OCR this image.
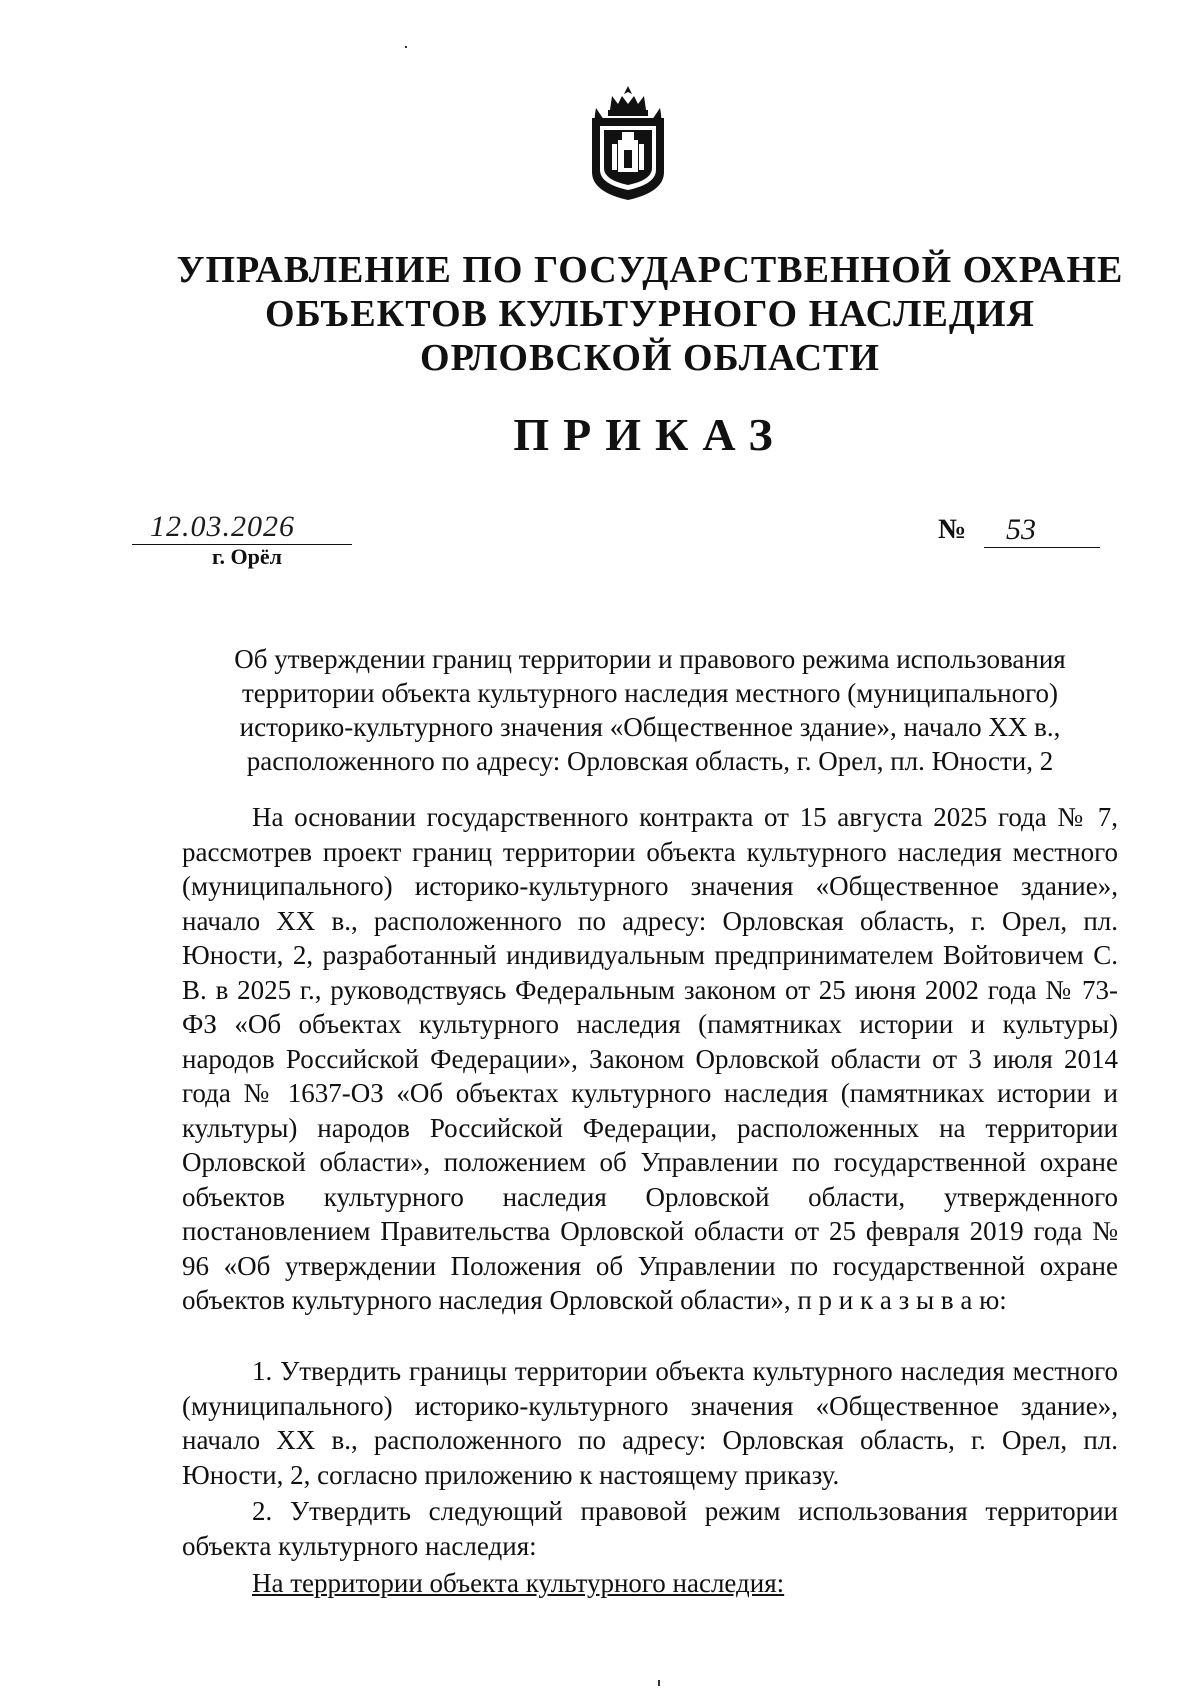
УПРАВЛЕНИЕ ПО ГОСУДАРСТВЕННОЙ ОХРАНЕ
ОБЪЕКТОВ КУЛЬТУРНОГО НАСЛЕДИЯ
ОРЛОВСКОЙ ОБЛАСТИ
ПРИКАЗ
12.03.2026
г. Орёл
№ 53
Об утверждении границ территории и правового режима использования
территории объекта культурного наследия местного (муниципального)
историко-культурного значения «Общественное здание», начало XX в.,
расположенного по адресу: Орловская область, г. Орел, пл. Юности, 2

На основании государственного контракта от 15 августа 2025 года № 7, рассмотрев проект границ территории объекта культурного наследия местного (муниципального) историко-культурного значения «Общественное здание», начало XX в., расположенного по адресу: Орловская область, г. Орел, пл. Юности, 2, разработанный индивидуальным предпринимателем Войтовичем С. В. в 2025 г., руководствуясь Федеральным законом от 25 июня 2002 года № 73-ФЗ «Об объектах культурного наследия (памятниках истории и культуры) народов Российской Федерации», Законом Орловской области от 3 июля 2014 года № 1637-ОЗ «Об объектах культурного наследия (памятниках истории и культуры) народов Российской Федерации, расположенных на территории Орловской области», положением об Управлении по государственной охране объектов культурного наследия Орловской области, утвержденного постановлением Правительства Орловской области от 25 февраля 2019 года № 96 «Об утверждении Положения об Управлении по государственной охране объектов культурного наследия Орловской области», п р и к а з ы в а ю:

1. Утвердить границы территории объекта культурного наследия местного (муниципального) историко-культурного значения «Общественное здание», начало XX в., расположенного по адресу: Орловская область, г. Орел, пл. Юности, 2, согласно приложению к настоящему приказу.

2. Утвердить следующий правовой режим использования территории объекта культурного наследия:

На территории объекта культурного наследия:
